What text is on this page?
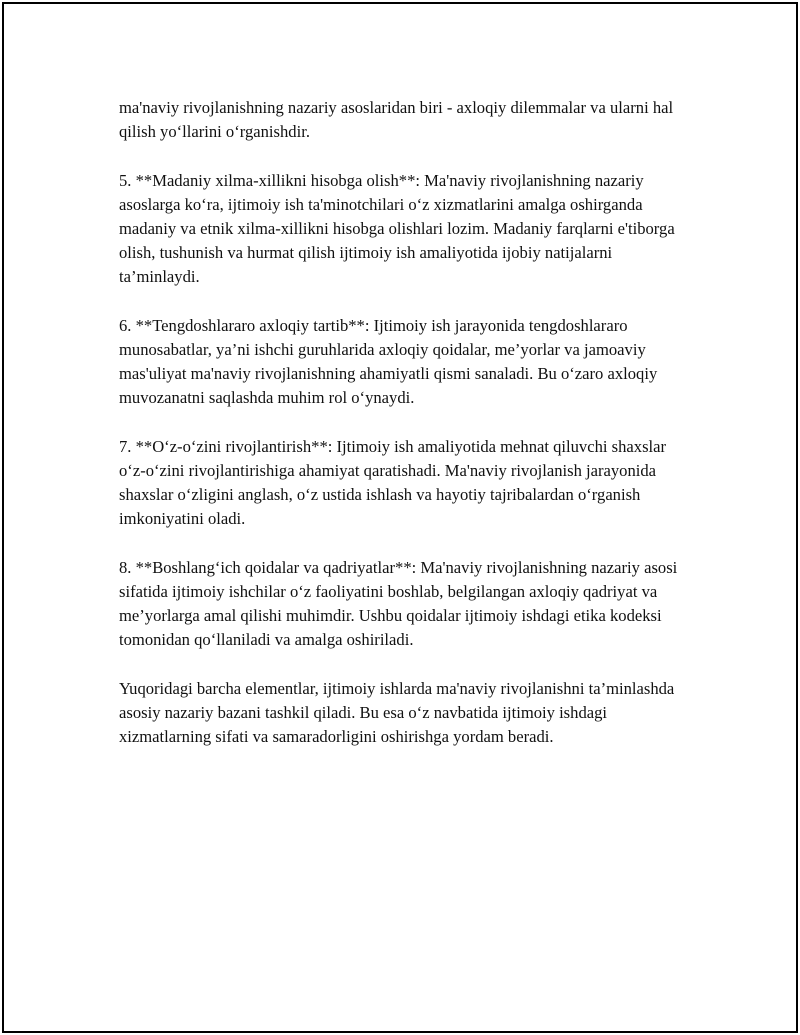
ma'naviy rivojlanishning nazariy asoslaridan biri - axloqiy dilemmalar va ularni hal qilish yo‘llarini o‘rganishdir.

5. **Madaniy xilma-xillikni hisobga olish**: Ma'naviy rivojlanishning nazariy asoslarga ko‘ra, ijtimoiy ish ta'minotchilari o‘z xizmatlarini amalga oshirganda madaniy va etnik xilma-xillikni hisobga olishlari lozim. Madaniy farqlarni e'tiborga olish, tushunish va hurmat qilish ijtimoiy ish amaliyotida ijobiy natijalarni ta’minlaydi.

6. **Tengdoshlararo axloqiy tartib**: Ijtimoiy ish jarayonida tengdoshlararo munosabatlar, ya’ni ishchi guruhlarida axloqiy qoidalar, me’yorlar va jamoaviy mas'uliyat ma'naviy rivojlanishning ahamiyatli qismi sanaladi. Bu o‘zaro axloqiy muvozanatni saqlashda muhim rol o‘ynaydi.

7. **O‘z-o‘zini rivojlantirish**: Ijtimoiy ish amaliyotida mehnat qiluvchi shaxslar o‘z-o‘zini rivojlantirishiga ahamiyat qaratishadi. Ma'naviy rivojlanish jarayonida shaxslar o‘zligini anglash, o‘z ustida ishlash va hayotiy tajribalardan o‘rganish imkoniyatini oladi.

8. **Boshlang‘ich qoidalar va qadriyatlar**: Ma'naviy rivojlanishning nazariy asosi sifatida ijtimoiy ishchilar o‘z faoliyatini boshlab, belgilangan axloqiy qadriyat va me’yorlarga amal qilishi muhimdir. Ushbu qoidalar ijtimoiy ishdagi etika kodeksi tomonidan qo‘llaniladi va amalga oshiriladi.

Yuqoridagi barcha elementlar, ijtimoiy ishlarda ma'naviy rivojlanishni ta’minlashda asosiy nazariy bazani tashkil qiladi. Bu esa o‘z navbatida ijtimoiy ishdagi xizmatlarning sifati va samaradorligini oshirishga yordam beradi.
